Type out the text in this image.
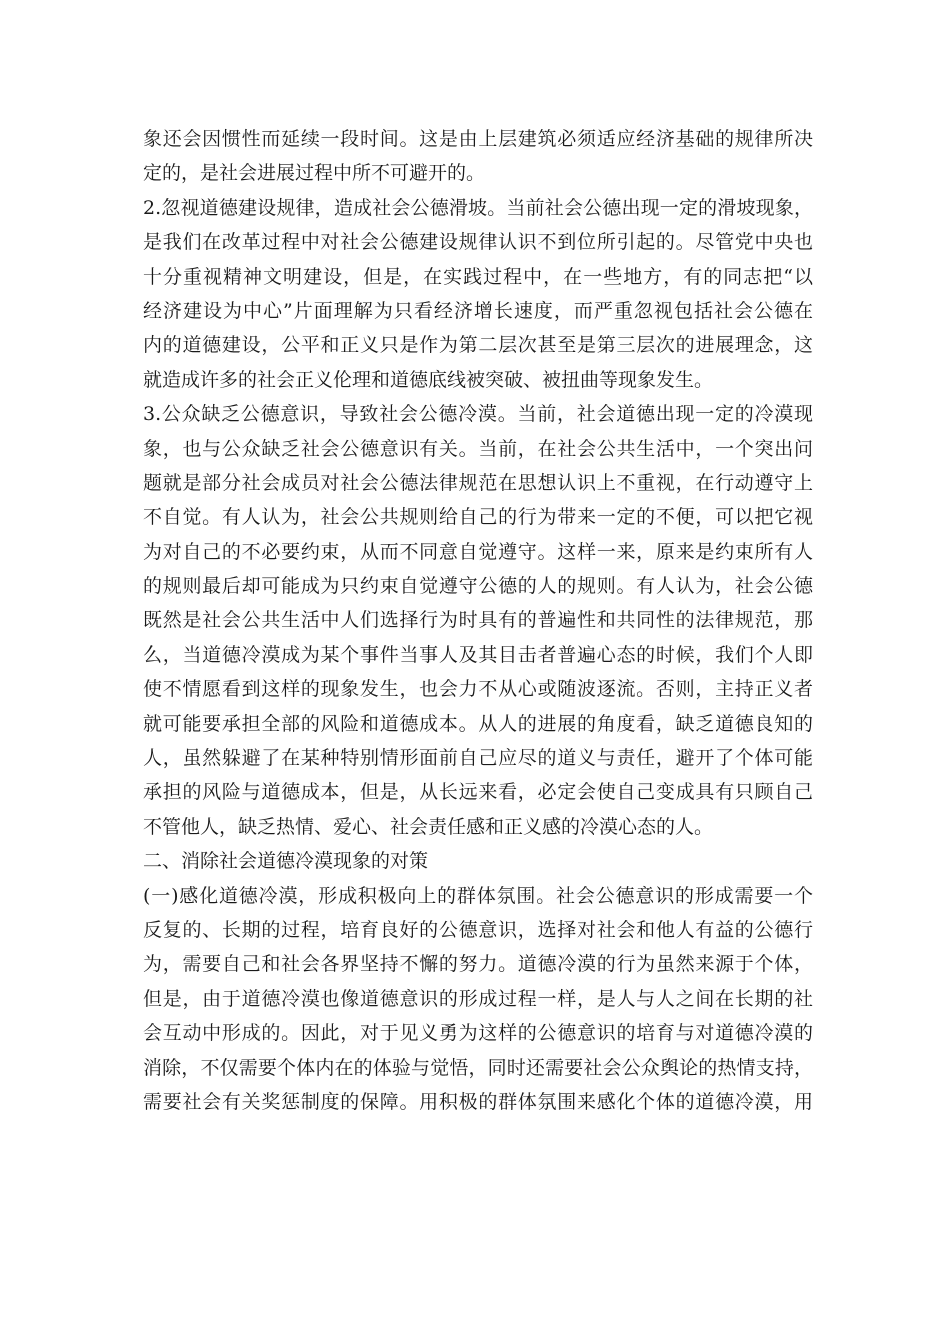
象还会因惯性而延续一段时间。这是由上层建筑必须适应经济基础的规律所决
定的，是社会进展过程中所不可避开的。
2.忽视道德建设规律，造成社会公德滑坡。当前社会公德出现一定的滑坡现象，
是我们在改革过程中对社会公德建设规律认识不到位所引起的。尽管党中央也
十分重视精神文明建设，但是，在实践过程中，在一些地方，有的同志把“以
经济建设为中心”片面理解为只看经济增长速度，而严重忽视包括社会公德在
内的道德建设，公平和正义只是作为第二层次甚至是第三层次的进展理念，这
就造成许多的社会正义伦理和道德底线被突破、被扭曲等现象发生。
3.公众缺乏公德意识，导致社会公德冷漠。当前，社会道德出现一定的冷漠现
象，也与公众缺乏社会公德意识有关。当前，在社会公共生活中，一个突出问
题就是部分社会成员对社会公德法律规范在思想认识上不重视，在行动遵守上
不自觉。有人认为，社会公共规则给自己的行为带来一定的不便，可以把它视
为对自己的不必要约束，从而不同意自觉遵守。这样一来，原来是约束所有人
的规则最后却可能成为只约束自觉遵守公德的人的规则。有人认为，社会公德
既然是社会公共生活中人们选择行为时具有的普遍性和共同性的法律规范，那
么，当道德冷漠成为某个事件当事人及其目击者普遍心态的时候，我们个人即
使不情愿看到这样的现象发生，也会力不从心或随波逐流。否则，主持正义者
就可能要承担全部的风险和道德成本。从人的进展的角度看，缺乏道德良知的
人，虽然躲避了在某种特别情形面前自己应尽的道义与责任，避开了个体可能
承担的风险与道德成本，但是，从长远来看，必定会使自己变成具有只顾自己
不管他人，缺乏热情、爱心、社会责任感和正义感的冷漠心态的人。
二、消除社会道德冷漠现象的对策
(一)感化道德冷漠，形成积极向上的群体氛围。社会公德意识的形成需要一个
反复的、长期的过程，培育良好的公德意识，选择对社会和他人有益的公德行
为，需要自己和社会各界坚持不懈的努力。道德冷漠的行为虽然来源于个体，
但是，由于道德冷漠也像道德意识的形成过程一样，是人与人之间在长期的社
会互动中形成的。因此，对于见义勇为这样的公德意识的培育与对道德冷漠的
消除，不仅需要个体内在的体验与觉悟，同时还需要社会公众舆论的热情支持，
需要社会有关奖惩制度的保障。用积极的群体氛围来感化个体的道德冷漠，用
